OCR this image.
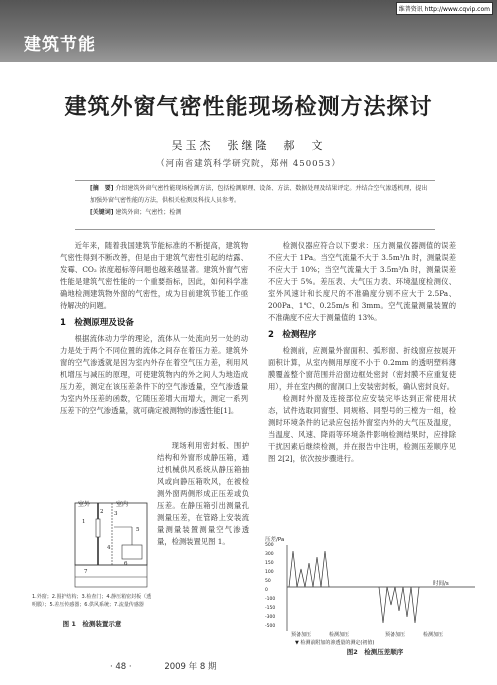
建筑节能
维普资讯 http://www.cqvip.com
建筑外窗气密性能现场检测方法探讨
吴玉杰　张继隆　郝　文
（河南省建筑科学研究院，郑州 450053）
[摘　要] 介绍建筑外窗气密性能现场检测方法，包括检测原理、设备、方法、数据处理及结果评定。并结合空气渗透机理，提出加强外窗气密性能的方法，供相关检测及科技人员参考。
[关键词] 建筑外窗；气密性；检测

近年来，随着我国建筑节能标准的不断提高，建筑物气密性得到不断改善，但是由于建筑气密性引起的结露、发霉、CO₂ 浓度超标等问题也越来越显著。建筑外窗气密性能是建筑气密性能的一个重要指标，因此，如何科学准确地检测建筑物外窗的气密性，成为目前建筑节能工作亟待解决的问题。

1　检测原理及设备

根据流体动力学的理论，流体从一处流向另一处的动力是处于两个不同位置的流体之间存在着压力差。建筑外窗的空气渗透就是因为室内外存在着空气压力差，利用风机增压与减压的原理，可使建筑物内的外之间人为地造成压力差，测定在该压差条件下的空气渗透量，空气渗透量为室内外压差的函数，它随压差增大而增大，测定一系列压差下的空气渗透量，就可确定被测物的渗透性能[1]。

现场利用密封板、围护结构和外窗形成静压箱，通过机械供风系统从静压箱抽风或向静压箱吹风，在被检测外窗两侧形成正压差或负压差。在静压箱引出测量孔测量压差，在管路上安装流量测量装置测量空气渗透量，检测装置见图 1。

室外	室内
1
2 3
4
5
6
7
1.外窗；2.围护结构；3.检查门；4.静压箱密封板（透明膜）；5.差压传感器；6.供风系统；7.流量传感器
图 1　检测装置示意

检测仪器应符合以下要求：压力测量仪器测值的误差不应大于 1Pa。当空气流量不大于 3.5m³/h 时，测量误差不应大于 10%；当空气流量大于 3.5m³/h 时，测量误差不应大于 5%。差压表、大气压力表、环境温度检测仪、室外风速计和长度尺的不准确度分别不应大于 2.5Pa、200Pa、1℃、0.25m/s 和 3mm。空气流量测量装置的不准确度不应大于测量值的 13%。

2　检测程序

检测前，应测量外窗面积、弧形窗、折线窗应按展开面积计算，从室内侧用厚度不小于 0.2mm 的透明塑料薄膜覆盖整个窗范围并沿窗边框处密封（密封膜不应重复使用），并在室内侧的窗洞口上安装密封板，确认密封良好。

检测时外窗及连接部位应安装完毕达到正常使用状态，试件选取同窗型、同规格、同型号的三樘为一组，检测时环境条件的记录应包括外窗室内外的大气压及温度，当温度、风速、降雨等环境条件影响检测结果时，应排除干扰因素后继续检测，并在报告中注明，检测压差顺序见图 2[2]，依次按步骤进行。

压差/Pa
时间/s
预备加压	检测加压	预备加压	检测加压
▼ 检测前附加的渗透量的测定(初值)
图2　检测压差顺序
500
300
150
100
50
0
-100
-150
-300
-500
· 48 ·	2009 年 8 期
